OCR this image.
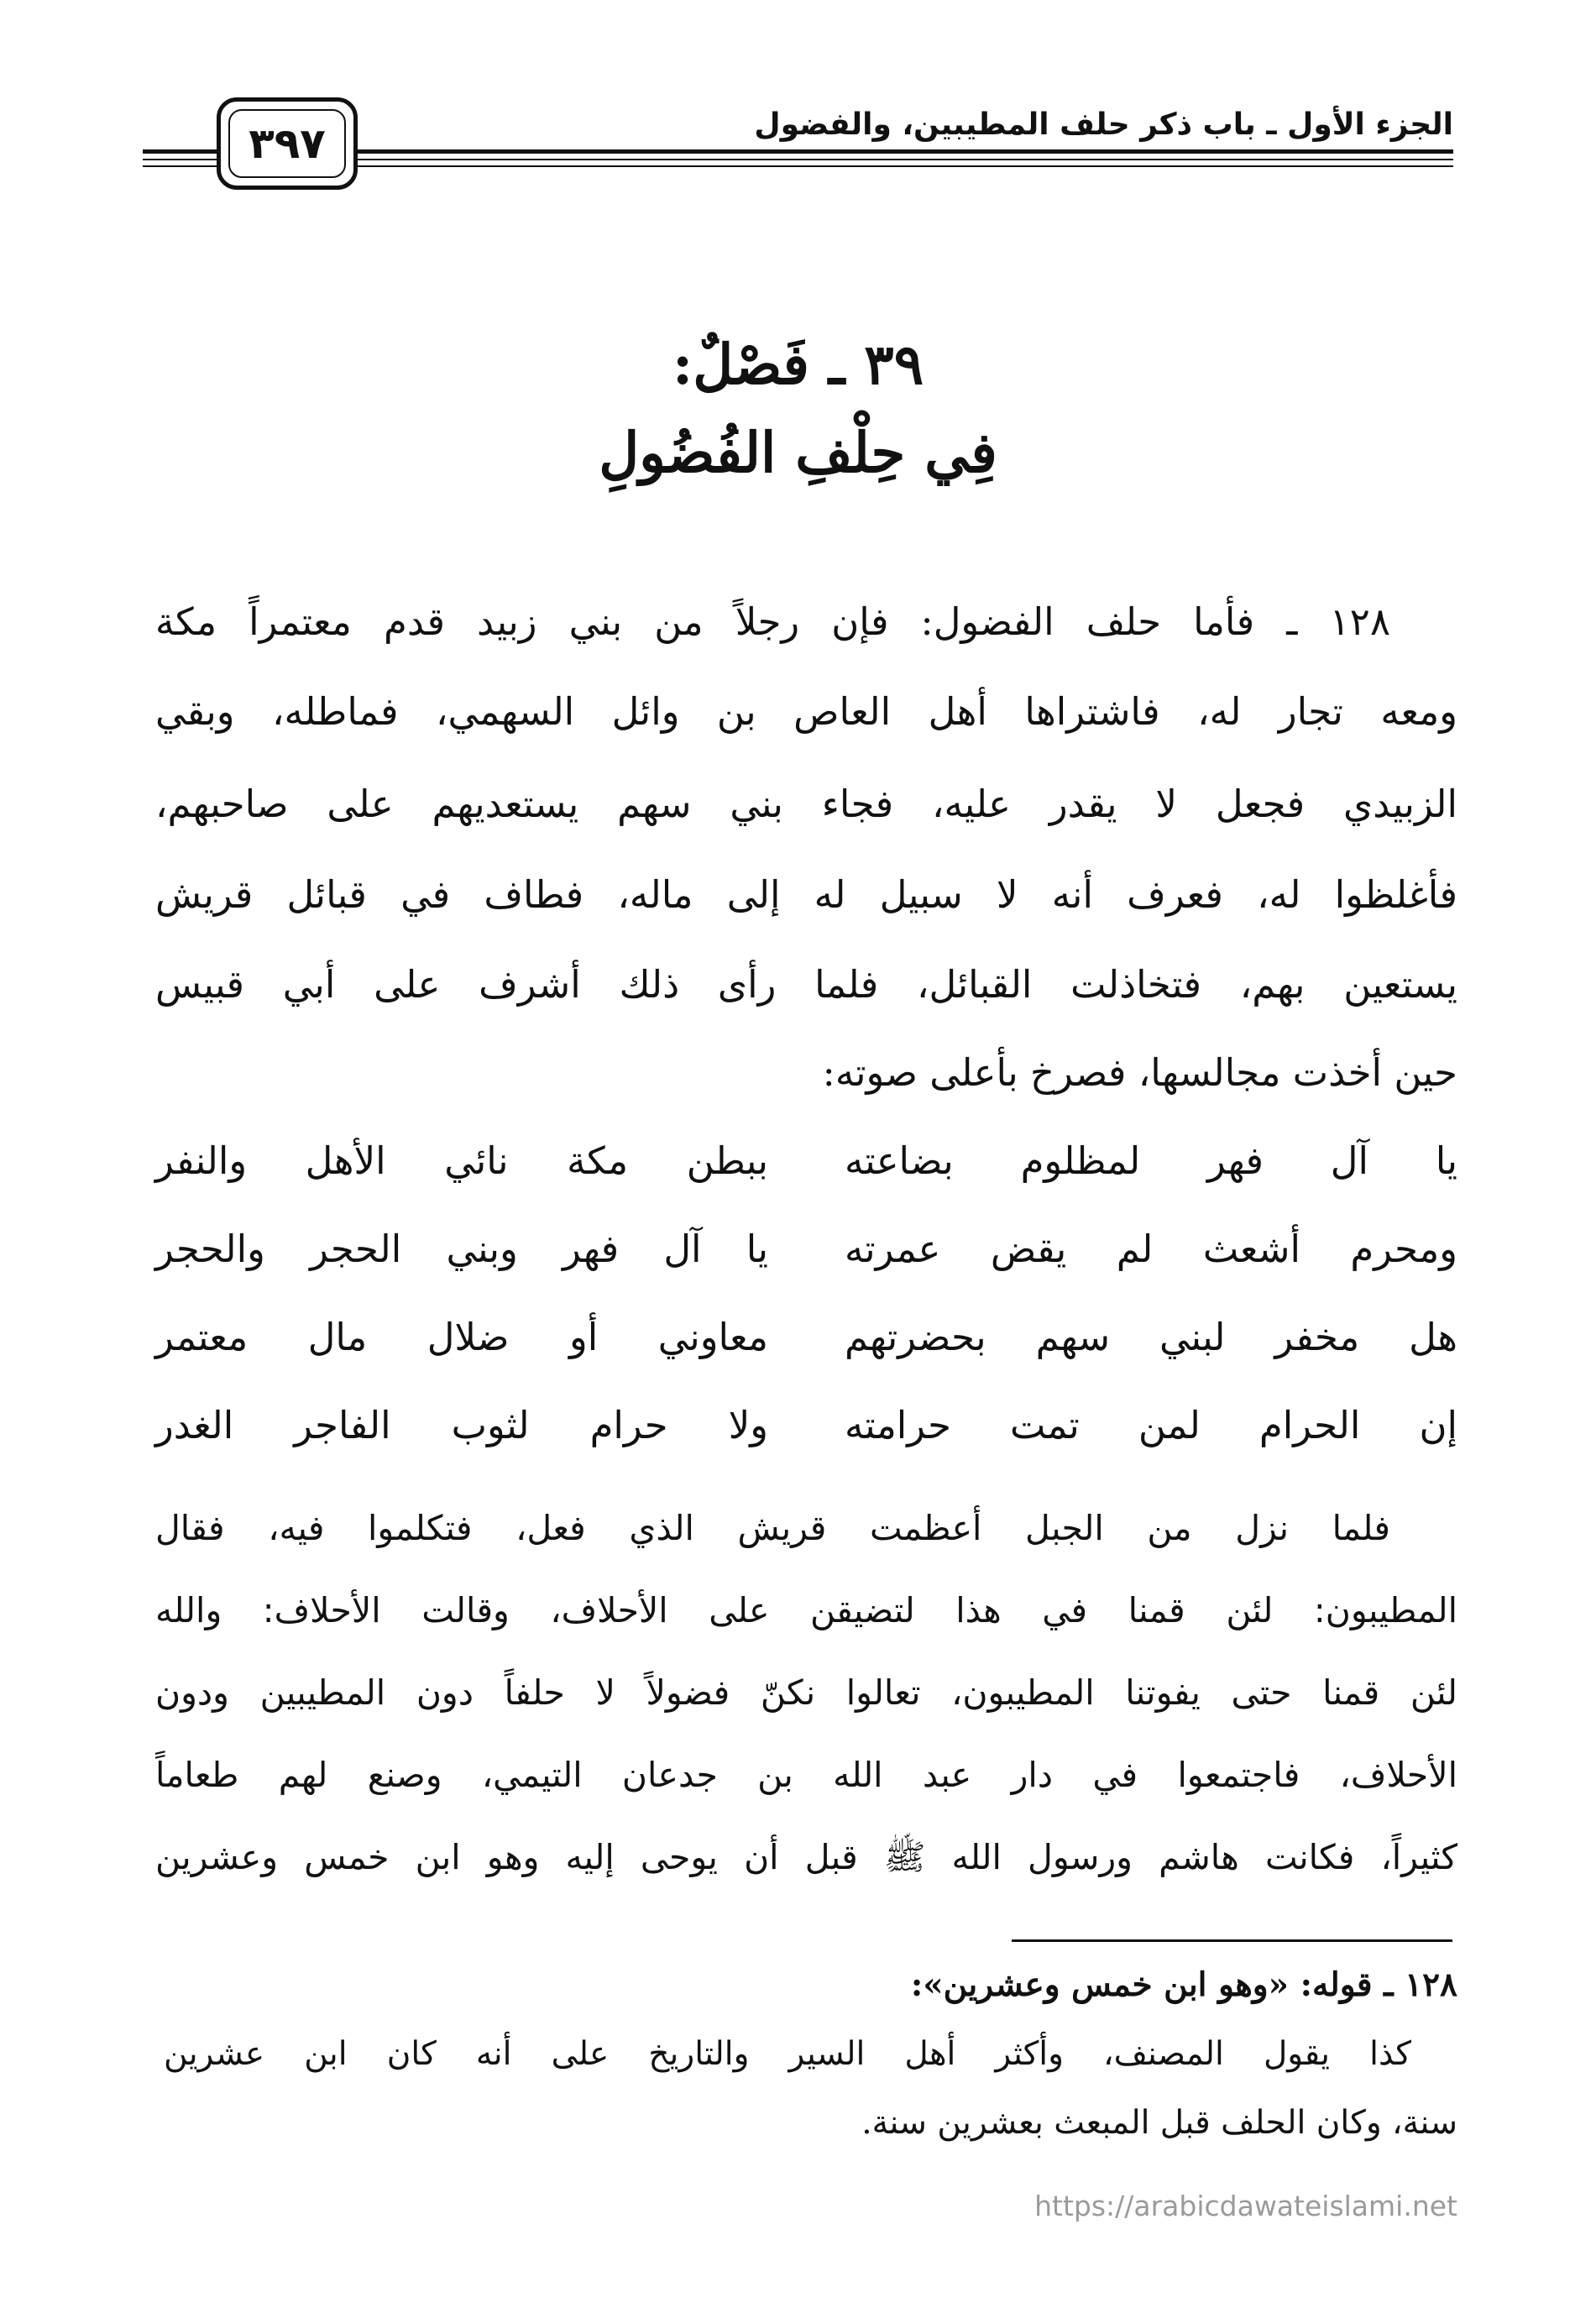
الجزء الأول ـ باب ذكر حلف المطيبين، والفضول
٣٩٧
٣٩ ـ فَصْلٌ:
فِي حِلْفِ الفُضُولِ
١٢٨ ـ فأما حلف الفضول: فإن رجلاً من بني زبيد قدم معتمراً مكة
ومعه تجار له، فاشتراها أهل العاص بن وائل السهمي، فماطله، وبقي
الزبيدي فجعل لا يقدر عليه، فجاء بني سهم يستعديهم على صاحبهم،
فأغلظوا له، فعرف أنه لا سبيل له إلى ماله، فطاف في قبائل قريش
يستعين بهم، فتخاذلت القبائل، فلما رأى ذلك أشرف على أبي قبيس
حين أخذت مجالسها، فصرخ بأعلى صوته:
يا آل فهر لمظلوم بضاعته
ببطن مكة نائي الأهل والنفر
ومحرم أشعث لم يقض عمرته
يا آل فهر وبني الحجر والحجر
هل مخفر لبني سهم بحضرتهم
معاوني أو ضلال مال معتمر
إن الحرام لمن تمت حرامته
ولا حرام لثوب الفاجر الغدر
فلما نزل من الجبل أعظمت قريش الذي فعل، فتكلموا فيه، فقال
المطيبون: لئن قمنا في هذا لتضيقن على الأحلاف، وقالت الأحلاف: والله
لئن قمنا حتى يفوتنا المطيبون، تعالوا نكنّ فضولاً لا حلفاً دون المطيبين ودون
الأحلاف، فاجتمعوا في دار عبد الله بن جدعان التيمي، وصنع لهم طعاماً
كثيراً، فكانت هاشم ورسول الله ﷺ قبل أن يوحى إليه وهو ابن خمس وعشرين
١٢٨ ـ قوله: «وهو ابن خمس وعشرين»:
كذا يقول المصنف، وأكثر أهل السير والتاريخ على أنه كان ابن عشرين
سنة، وكان الحلف قبل المبعث بعشرين سنة.
https://arabicdawateislami.net
